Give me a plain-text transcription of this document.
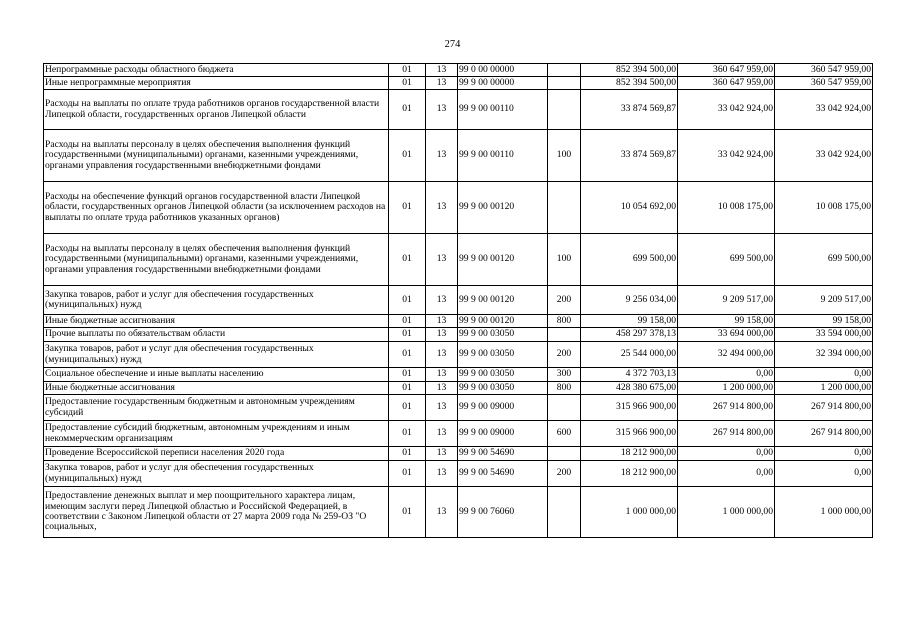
274
Непрограммные расходы областного бюджета	01	13	99 0 00 00000		852 394 500,00	360 647 959,00	360 547 959,00
Иные непрограммные мероприятия	01	13	99 9 00 00000		852 394 500,00	360 647 959,00	360 547 959,00
Расходы на выплаты по оплате труда работников органов государственной власти Липецкой области, государственных органов Липецкой области	01	13	99 9 00 00110		33 874 569,87	33 042 924,00	33 042 924,00
Расходы на выплаты персоналу в целях обеспечения выполнения функций государственными (муниципальными) органами, казенными учреждениями, органами управления государственными внебюджетными фондами	01	13	99 9 00 00110	100	33 874 569,87	33 042 924,00	33 042 924,00
Расходы на обеспечение функций органов государственной власти Липецкой области, государственных органов Липецкой области (за исключением расходов на выплаты по оплате труда работников указанных органов)	01	13	99 9 00 00120		10 054 692,00	10 008 175,00	10 008 175,00
Расходы на выплаты персоналу в целях обеспечения выполнения функций государственными (муниципальными) органами, казенными учреждениями, органами управления государственными внебюджетными фондами	01	13	99 9 00 00120	100	699 500,00	699 500,00	699 500,00
Закупка товаров, работ и услуг для обеспечения государственных (муниципальных) нужд	01	13	99 9 00 00120	200	9 256 034,00	9 209 517,00	9 209 517,00
Иные бюджетные ассигнования	01	13	99 9 00 00120	800	99 158,00	99 158,00	99 158,00
Прочие выплаты по обязательствам области	01	13	99 9 00 03050		458 297 378,13	33 694 000,00	33 594 000,00
Закупка товаров, работ и услуг для обеспечения государственных (муниципальных) нужд	01	13	99 9 00 03050	200	25 544 000,00	32 494 000,00	32 394 000,00
Социальное обеспечение и иные выплаты населению	01	13	99 9 00 03050	300	4 372 703,13	0,00	0,00
Иные бюджетные ассигнования	01	13	99 9 00 03050	800	428 380 675,00	1 200 000,00	1 200 000,00
Предоставление государственным бюджетным и автономным учреждениям субсидий	01	13	99 9 00 09000		315 966 900,00	267 914 800,00	267 914 800,00
Предоставление субсидий бюджетным, автономным учреждениям и иным некоммерческим организациям	01	13	99 9 00 09000	600	315 966 900,00	267 914 800,00	267 914 800,00
Проведение Всероссийской переписи населения 2020 года	01	13	99 9 00 54690		18 212 900,00	0,00	0,00
Закупка товаров, работ и услуг для обеспечения государственных (муниципальных) нужд	01	13	99 9 00 54690	200	18 212 900,00	0,00	0,00
Предоставление денежных выплат и мер поощрительного характера лицам, имеющим заслуги перед Липецкой областью и Российской Федерацией, в соответствии с Законом Липецкой области от 27 марта 2009 года № 259-ОЗ "О социальных,	01	13	99 9 00 76060		1 000 000,00	1 000 000,00	1 000 000,00
